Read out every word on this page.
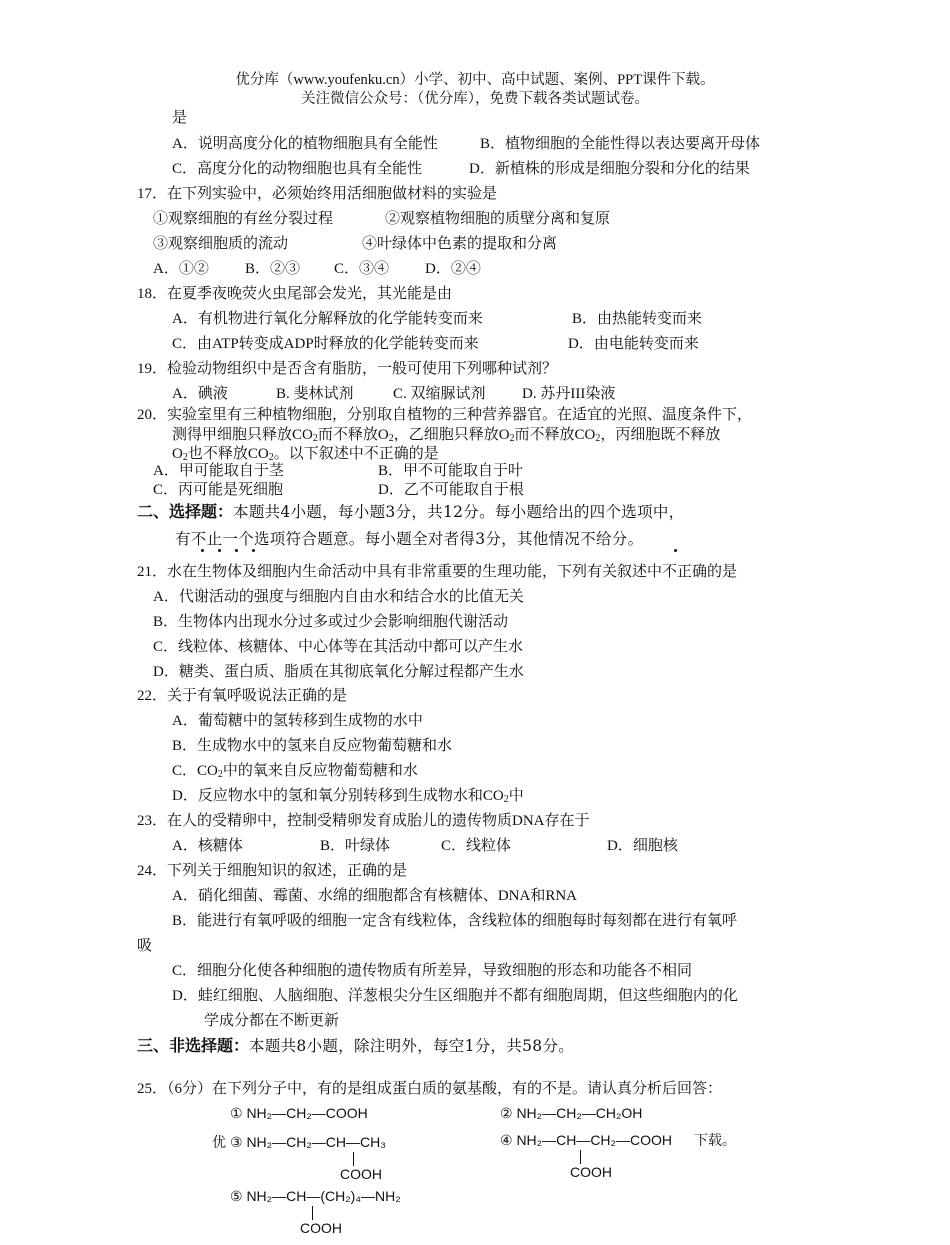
优分库（www.youfenku.cn）小学、初中、高中试题、案例、PPT课件下载。
关注微信公众号：（优分库），免费下载各类试题试卷。
是
A．说明高度分化的植物细胞具有全能性	B．植物细胞的全能性得以表达要离开母体
C．高度分化的动物细胞也具有全能性	D．新植株的形成是细胞分裂和分化的结果
17．在下列实验中，必须始终用活细胞做材料的实验是
①观察细胞的有丝分裂过程	②观察植物细胞的质壁分离和复原
③观察细胞质的流动	④叶绿体中色素的提取和分离
A．①② B．②③ C．③④ D．②④
18．在夏季夜晚荧火虫尾部会发光，其光能是由
A．有机物进行氧化分解释放的化学能转变而来	B．由热能转变而来
C．由ATP转变成ADP时释放的化学能转变而来	D．由电能转变而来
19．检验动物组织中是否含有脂肪，一般可使用下列哪种试剂？
A．碘液	B. 斐林试剂	C. 双缩脲试剂 D. 苏丹III染液
20．实验室里有三种植物细胞，分别取自植物的三种营养器官。在适宜的光照、温度条件下，
测得甲细胞只释放$CO_2$而不释放$O_2$，乙细胞只释放$O_2$而不释放$CO_2$，丙细胞既不释放
$O_2$也不释放$CO_2$。以下叙述中不正确的是
A．甲可能取自于茎	B．甲不可能取自于叶
C．丙可能是死细胞	D．乙不可能取自于根
二、选择题：本题共4小题，每小题3分，共12分。每小题给出的四个选项中，
有不止一个选项符合题意。每小题全对者得3分，其他情况不给分。
21．水在生物体及细胞内生命活动中具有非常重要的生理功能，下列有关叙述中不正确的是
A．代谢活动的强度与细胞内自由水和结合水的比值无关
B．生物体内出现水分过多或过少会影响细胞代谢活动
C．线粒体、核糖体、中心体等在其活动中都可以产生水
D．糖类、蛋白质、脂质在其彻底氧化分解过程都产生水
22．关于有氧呼吸说法正确的是
A．葡萄糖中的氢转移到生成物的水中
B．生成物水中的氢来自反应物葡萄糖和水
C．$CO_2$中的氧来自反应物葡萄糖和水
D．反应物水中的氢和氧分别转移到生成物水和$CO_2$中
23．在人的受精卵中，控制受精卵发育成胎儿的遗传物质DNA存在于
A．核糖体	B．叶绿体	C．线粒体	D．细胞核
24．下列关于细胞知识的叙述，正确的是
A．硝化细菌、霉菌、水绵的细胞都含有核糖体、DNA和RNA
B．能进行有氧呼吸的细胞一定含有线粒体，含线粒体的细胞每时每刻都在进行有氧呼
吸
C．细胞分化使各种细胞的遗传物质有所差异，导致细胞的形态和功能各不相同
D．蛙红细胞、人脑细胞、洋葱根尖分生区细胞并不都有细胞周期，但这些细胞内的化
学成分都在不断更新
三、非选择题：本题共8小题，除注明外，每空1分，共58分。
25．（6分）在下列分子中，有的是组成蛋白质的氨基酸，有的不是。请认真分析后回答：
① NH₂—CH₂—COOH	② NH₂—CH₂—CH₂OH
优 ③ NH₂—CH₂—CH—CH₃
COOH
④ NH₂—CH—CH₂—COOH 下载。
COOH
⑤ NH₂—CH—(CH₂)₄—NH₂
COOH
